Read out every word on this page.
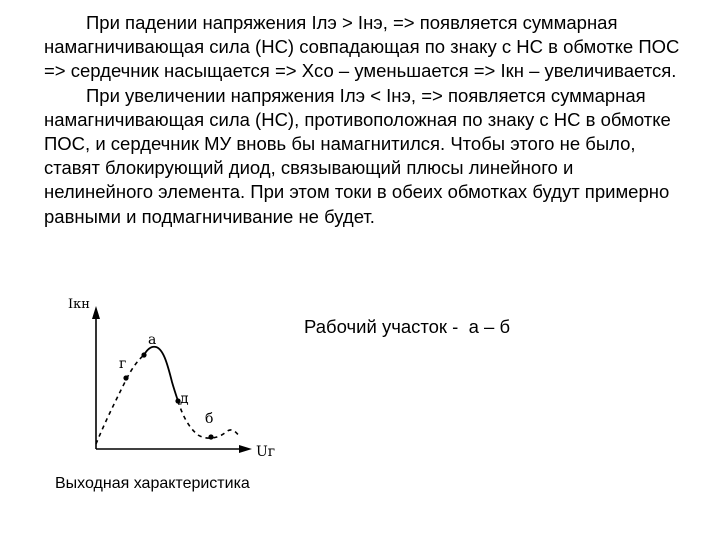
При падении напряжения Iлэ > Iнэ, => появляется суммарная намагничивающая сила (НС) совпадающая по знаку с НС в обмотке ПОС => сердечник насыщается => Xсо – уменьшается => Iкн – увеличивается.

При увеличении напряжения Iлэ < Iнэ, => появляется суммарная намагничивающая сила (НС), противоположная по знаку с НС в обмотке ПОС, и сердечник МУ вновь бы намагнитился. Чтобы этого не было, ставят блокирующий диод, связывающий плюсы линейного и нелинейного элемента. При этом токи в обеих обмотках будут примерно равными и подмагничивание не будет.

Iкн
Uг
а
г
д
б
Рабочий участок -  а – б
Выходная характеристика
